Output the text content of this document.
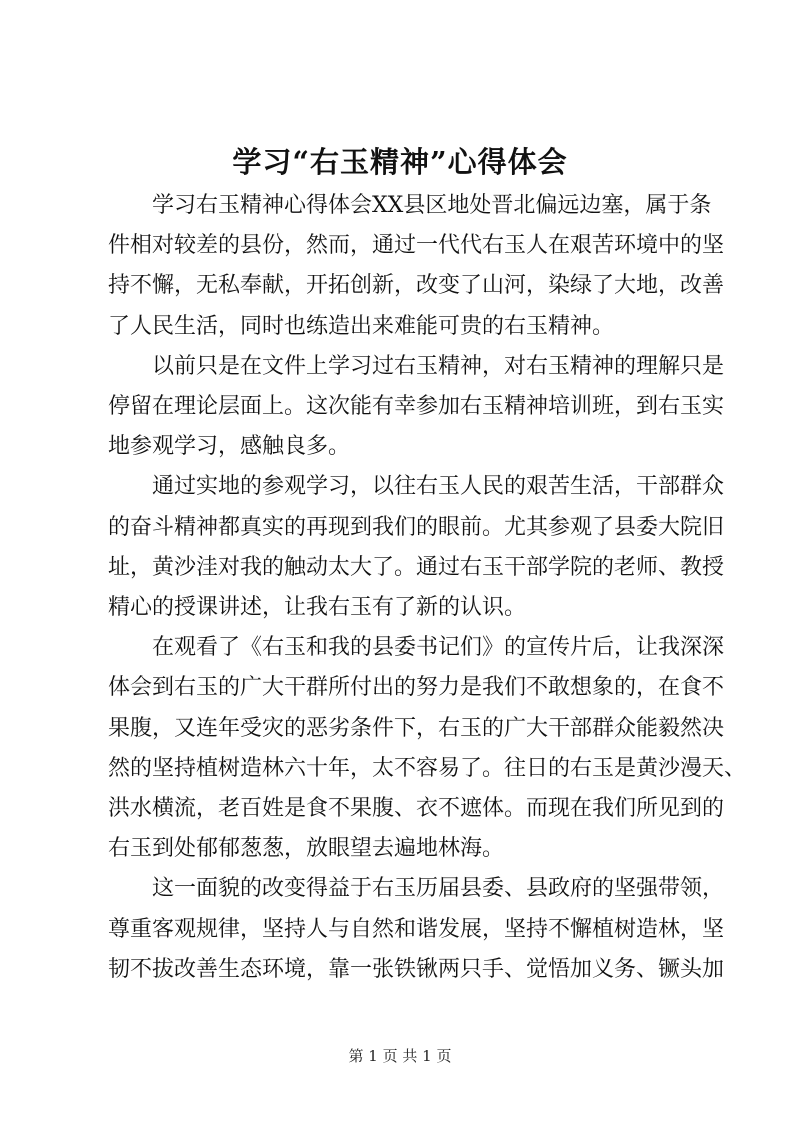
学习“右玉精神”心得体会

学习右玉精神心得体会XX县区地处晋北偏远边塞，属于条
件相对较差的县份，然而，通过一代代右玉人在艰苦环境中的坚
持不懈，无私奉献，开拓创新，改变了山河，染绿了大地，改善
了人民生活，同时也练造出来难能可贵的右玉精神。

以前只是在文件上学习过右玉精神，对右玉精神的理解只是
停留在理论层面上。这次能有幸参加右玉精神培训班，到右玉实
地参观学习，感触良多。

通过实地的参观学习，以往右玉人民的艰苦生活，干部群众
的奋斗精神都真实的再现到我们的眼前。尤其参观了县委大院旧
址，黄沙洼对我的触动太大了。通过右玉干部学院的老师、教授
精心的授课讲述，让我右玉有了新的认识。

在观看了《右玉和我的县委书记们》的宣传片后，让我深深
体会到右玉的广大干群所付出的努力是我们不敢想象的，在食不
果腹，又连年受灾的恶劣条件下，右玉的广大干部群众能毅然决
然的坚持植树造林六十年，太不容易了。往日的右玉是黄沙漫天、
洪水横流，老百姓是食不果腹、衣不遮体。而现在我们所见到的
右玉到处郁郁葱葱，放眼望去遍地林海。

这一面貌的改变得益于右玉历届县委、县政府的坚强带领，
尊重客观规律，坚持人与自然和谐发展，坚持不懈植树造林，坚
韧不拔改善生态环境，靠一张铁锹两只手、觉悟加义务、镢头加

第 1 页 共 1 页
